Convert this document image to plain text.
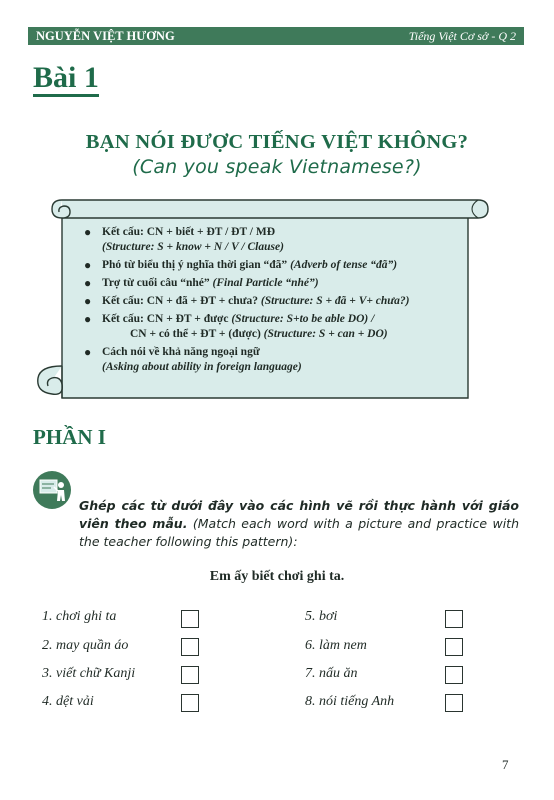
NGUYỄN VIỆT HƯƠNG	Tiếng Việt Cơ sở - Q 2
Bài 1
BẠN NÓI ĐƯỢC TIẾNG VIỆT KHÔNG?
(Can you speak Vietnamese?)
● Kết cấu: CN + biết + ĐT / ĐT / MĐ
(Structure: S + know + N / V / Clause)
● Phó từ biểu thị ý nghĩa thời gian “đã” (Adverb of tense “đã”)
● Trợ từ cuối câu “nhé” (Final Particle “nhé”)
● Kết cấu: CN + đã + ĐT + chưa? (Structure: S + đã + V+ chưa?)
● Kết cấu: CN + ĐT + được (Structure: S+to be able DO) /
CN + có thể + ĐT + (được) (Structure: S + can + DO)
● Cách nói về khả năng ngoại ngữ
(Asking about ability in foreign language)
PHẦN I
Ghép các từ dưới đây vào các hình vẽ rồi thực hành với giáo viên theo mẫu. (Match each word with a picture and practice with the teacher following this pattern):
Em ấy biết chơi ghi ta.
1. chơi ghi ta
2. may quần áo
3. viết chữ Kanji
4. dệt vải
5. bơi
6. làm nem
7. nấu ăn
8. nói tiếng Anh
7
